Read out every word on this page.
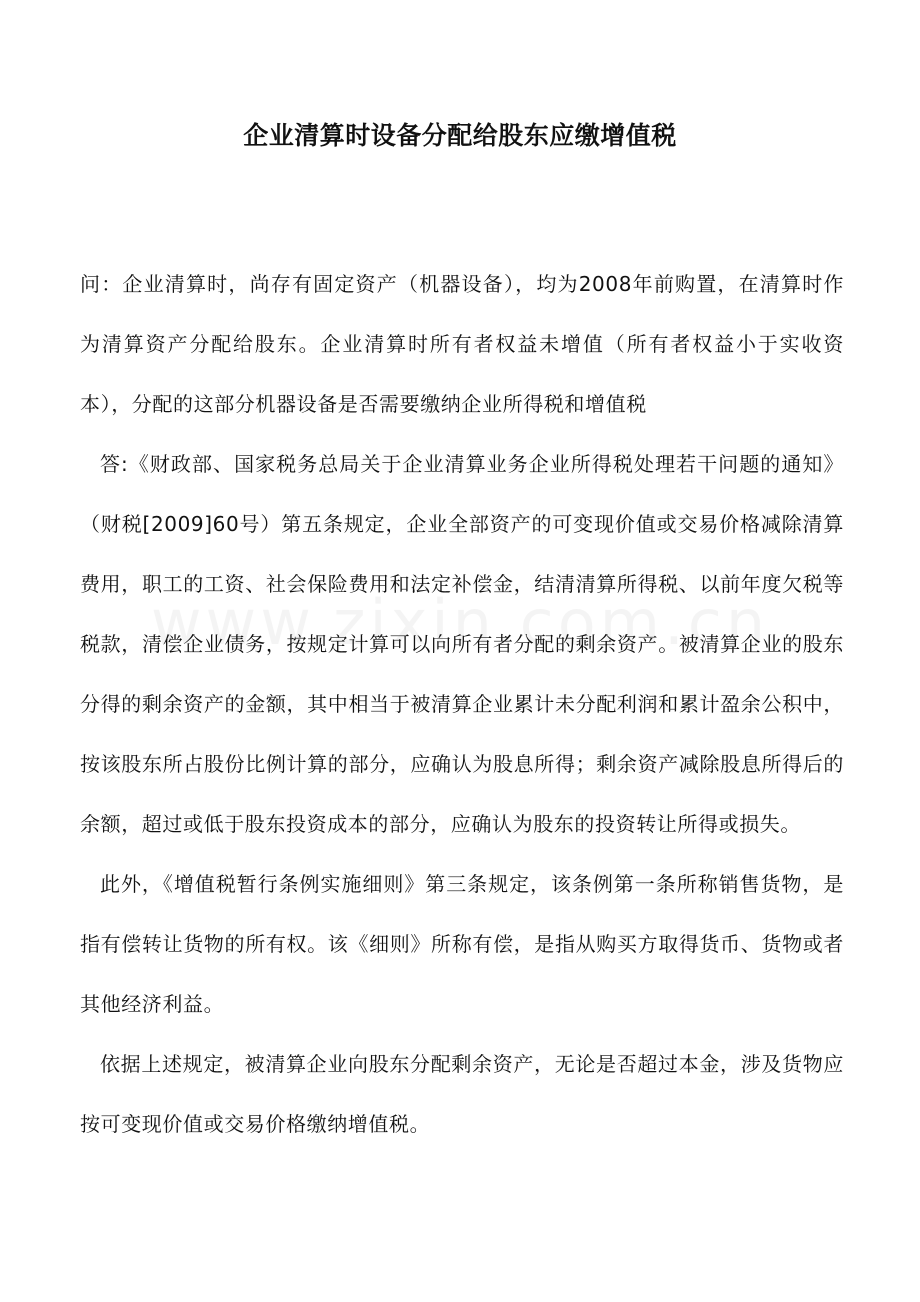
企业清算时设备分配给股东应缴增值税

问：企业清算时，尚存有固定资产（机器设备），均为2008年前购置，在清算时作为清算资产分配给股东。企业清算时所有者权益未增值（所有者权益小于实收资本），分配的这部分机器设备是否需要缴纳企业所得税和增值税

答:《财政部、国家税务总局关于企业清算业务企业所得税处理若干问题的通知》（财税[2009]60号）第五条规定，企业全部资产的可变现价值或交易价格减除清算费用，职工的工资、社会保险费用和法定补偿金，结清清算所得税、以前年度欠税等税款，清偿企业债务，按规定计算可以向所有者分配的剩余资产。被清算企业的股东分得的剩余资产的金额，其中相当于被清算企业累计未分配利润和累计盈余公积中，按该股东所占股份比例计算的部分，应确认为股息所得；剩余资产减除股息所得后的余额，超过或低于股东投资成本的部分，应确认为股东的投资转让所得或损失。

此外，《增值税暂行条例实施细则》第三条规定，该条例第一条所称销售货物，是指有偿转让货物的所有权。该《细则》所称有偿，是指从购买方取得货币、货物或者其他经济利益。

依据上述规定，被清算企业向股东分配剩余资产，无论是否超过本金，涉及货物应按可变现价值或交易价格缴纳增值税。
